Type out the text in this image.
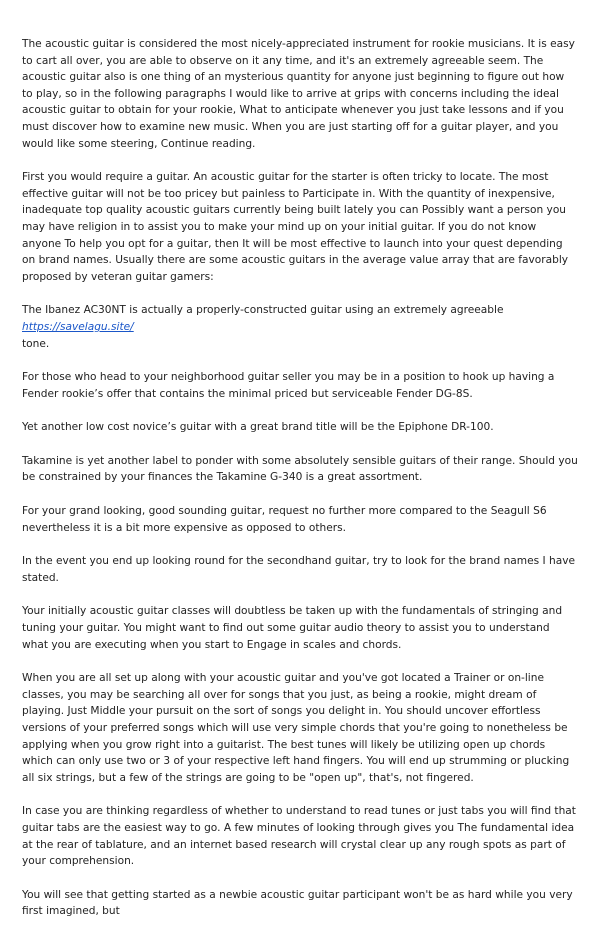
The acoustic guitar is considered the most nicely-appreciated instrument for rookie musicians. It is easy to cart all over, you are able to observe on it any time, and it's an extremely agreeable seem. The acoustic guitar also is one thing of an mysterious quantity for anyone just beginning to figure out how to play, so in the following paragraphs I would like to arrive at grips with concerns including the ideal acoustic guitar to obtain for your rookie, What to anticipate whenever you just take lessons and if you must discover how to examine new music. When you are just starting off for a guitar player, and you would like some steering, Continue reading.

First you would require a guitar. An acoustic guitar for the starter is often tricky to locate. The most effective guitar will not be too pricey but painless to Participate in. With the quantity of inexpensive, inadequate top quality acoustic guitars currently being built lately you can Possibly want a person you may have religion in to assist you to make your mind up on your initial guitar. If you do not know anyone To help you opt for a guitar, then It will be most effective to launch into your quest depending on brand names. Usually there are some acoustic guitars in the average value array that are favorably proposed by veteran guitar gamers:

The Ibanez AC30NT is actually a properly-constructed guitar using an extremely agreeable https://savelagu.site/
tone.

For those who head to your neighborhood guitar seller you may be in a position to hook up having a Fender rookie’s offer that contains the minimal priced but serviceable Fender DG-8S.

Yet another low cost novice’s guitar with a great brand title will be the Epiphone DR-100.

Takamine is yet another label to ponder with some absolutely sensible guitars of their range. Should you be constrained by your finances the Takamine G-340 is a great assortment.

For your grand looking, good sounding guitar, request no further more compared to the Seagull S6 nevertheless it is a bit more expensive as opposed to others.

In the event you end up looking round for the secondhand guitar, try to look for the brand names I have stated.

Your initially acoustic guitar classes will doubtless be taken up with the fundamentals of stringing and tuning your guitar. You might want to find out some guitar audio theory to assist you to understand what you are executing when you start to Engage in scales and chords.

When you are all set up along with your acoustic guitar and you've got located a Trainer or on-line classes, you may be searching all over for songs that you just, as being a rookie, might dream of playing. Just Middle your pursuit on the sort of songs you delight in. You should uncover effortless versions of your preferred songs which will use very simple chords that you're going to nonetheless be applying when you grow right into a guitarist. The best tunes will likely be utilizing open up chords which can only use two or 3 of your respective left hand fingers. You will end up strumming or plucking all six strings, but a few of the strings are going to be "open up", that's, not fingered.

In case you are thinking regardless of whether to understand to read tunes or just tabs you will find that guitar tabs are the easiest way to go. A few minutes of looking through gives you The fundamental idea at the rear of tablature, and an internet based research will crystal clear up any rough spots as part of your comprehension.

You will see that getting started as a newbie acoustic guitar participant won't be as hard while you very first imagined, but
